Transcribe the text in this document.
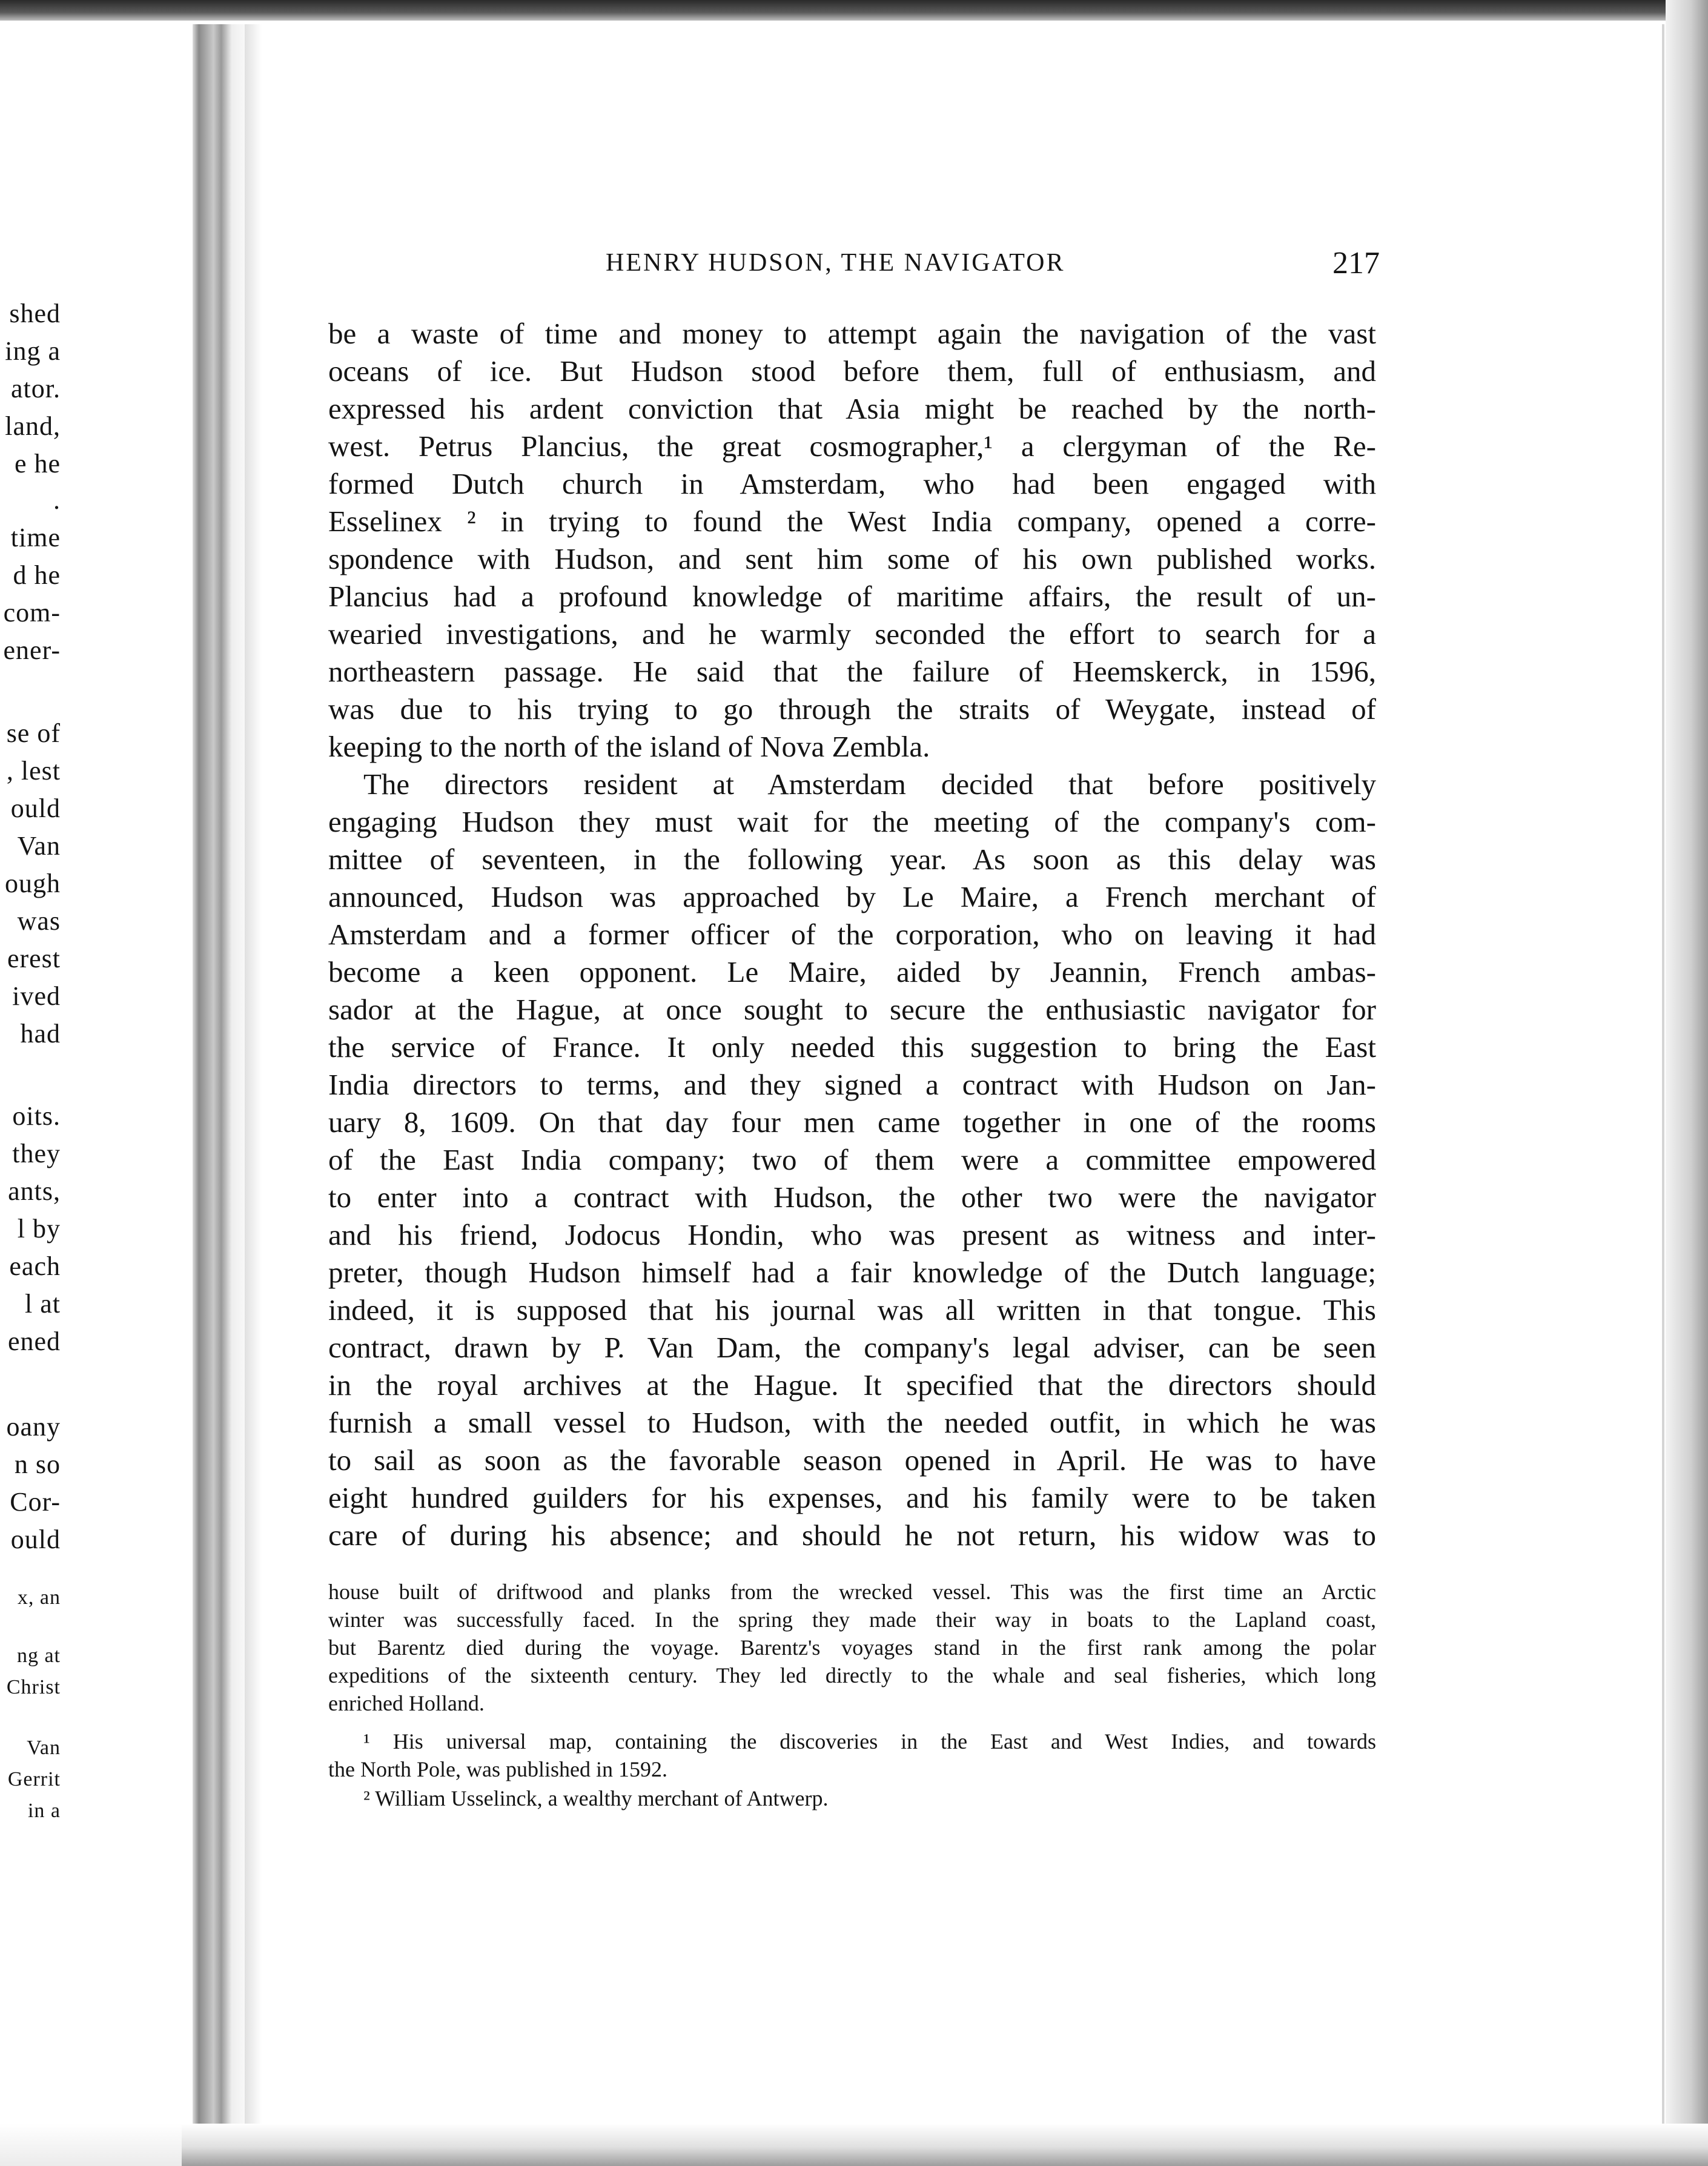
shed
ing a
ator.
land,
e he
.
time
d he
com-
ener-
se of
, lest
ould
Van
ough
was
erest
ived
had
oits.
they
ants,
l by
each
l at
ened
oany
n so
Cor-
ould
x, an
ng at
Christ
Van
Gerrit
in a
HENRY HUDSON, THE NAVIGATOR	217
be a waste of time and money to attempt again the navigation of the vast
oceans of ice. But Hudson stood before them, full of enthusiasm, and
expressed his ardent conviction that Asia might be reached by the north-
west. Petrus Plancius, the great cosmographer,¹ a clergyman of the Re-
formed Dutch church in Amsterdam, who had been engaged with
Esselinex ² in trying to found the West India company, opened a corre-
spondence with Hudson, and sent him some of his own published works.
Plancius had a profound knowledge of maritime affairs, the result of un-
wearied investigations, and he warmly seconded the effort to search for a
northeastern passage. He said that the failure of Heemskerck, in 1596,
was due to his trying to go through the straits of Weygate, instead of
keeping to the north of the island of Nova Zembla.
The directors resident at Amsterdam decided that before positively
engaging Hudson they must wait for the meeting of the company's com-
mittee of seventeen, in the following year. As soon as this delay was
announced, Hudson was approached by Le Maire, a French merchant of
Amsterdam and a former officer of the corporation, who on leaving it had
become a keen opponent. Le Maire, aided by Jeannin, French ambas-
sador at the Hague, at once sought to secure the enthusiastic navigator for
the service of France. It only needed this suggestion to bring the East
India directors to terms, and they signed a contract with Hudson on Jan-
uary 8, 1609. On that day four men came together in one of the rooms
of the East India company; two of them were a committee empowered
to enter into a contract with Hudson, the other two were the navigator
and his friend, Jodocus Hondin, who was present as witness and inter-
preter, though Hudson himself had a fair knowledge of the Dutch language;
indeed, it is supposed that his journal was all written in that tongue. This
contract, drawn by P. Van Dam, the company's legal adviser, can be seen
in the royal archives at the Hague. It specified that the directors should
furnish a small vessel to Hudson, with the needed outfit, in which he was
to sail as soon as the favorable season opened in April. He was to have
eight hundred guilders for his expenses, and his family were to be taken
care of during his absence; and should he not return, his widow was to
house built of driftwood and planks from the wrecked vessel. This was the first time an Arctic
winter was successfully faced. In the spring they made their way in boats to the Lapland coast,
but Barentz died during the voyage. Barentz's voyages stand in the first rank among the polar
expeditions of the sixteenth century. They led directly to the whale and seal fisheries, which long
enriched Holland.
¹ His universal map, containing the discoveries in the East and West Indies, and towards
the North Pole, was published in 1592.
² William Usselinck, a wealthy merchant of Antwerp.
